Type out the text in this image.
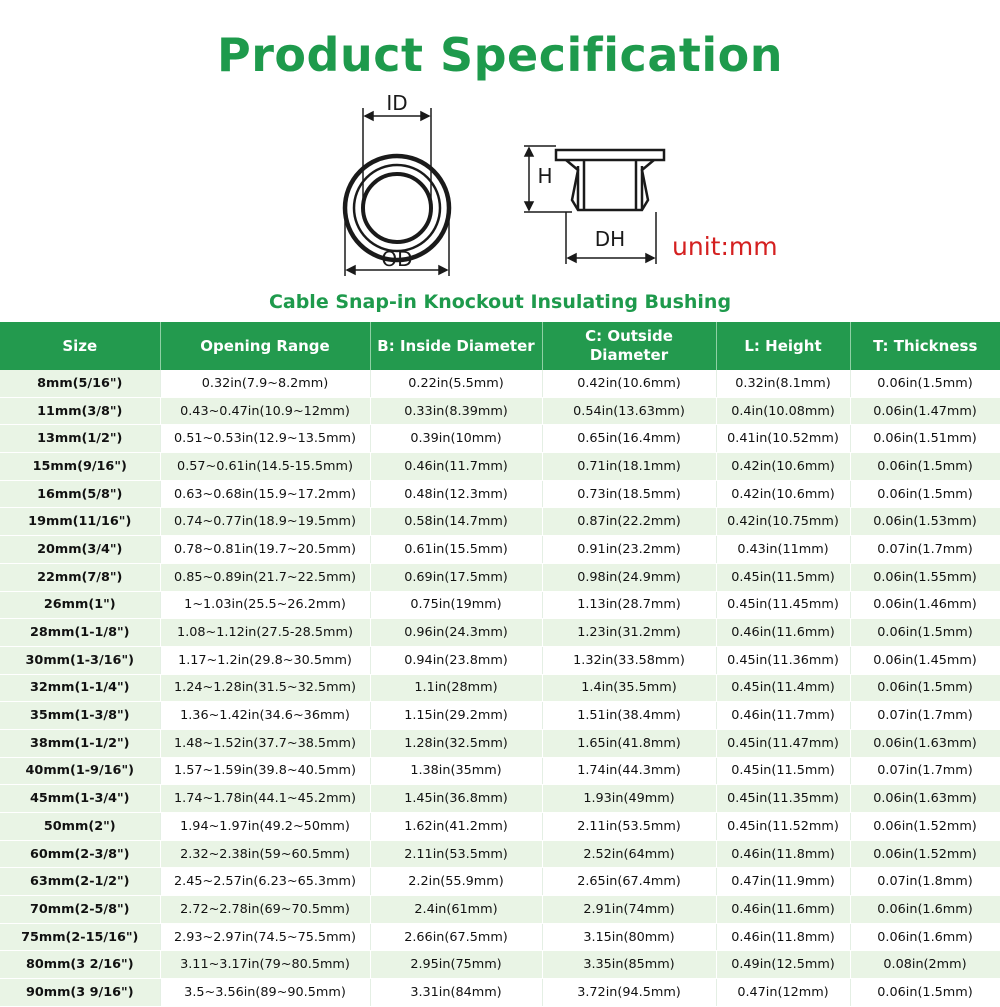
Product Specification
ID
OD
H
DH unit:mm
Cable Snap-in Knockout Insulating Bushing
Size	Opening Range	B: Inside Diameter	C: Outside Diameter	L: Height	T: Thickness
8mm(5/16")	0.32in(7.9~8.2mm)	0.22in(5.5mm)	0.42in(10.6mm)	0.32in(8.1mm)	0.06in(1.5mm)
11mm(3/8")	0.43~0.47in(10.9~12mm)	0.33in(8.39mm)	0.54in(13.63mm)	0.4in(10.08mm)	0.06in(1.47mm)
13mm(1/2")	0.51~0.53in(12.9~13.5mm)	0.39in(10mm)	0.65in(16.4mm)	0.41in(10.52mm)	0.06in(1.51mm)
15mm(9/16")	0.57~0.61in(14.5-15.5mm)	0.46in(11.7mm)	0.71in(18.1mm)	0.42in(10.6mm)	0.06in(1.5mm)
16mm(5/8")	0.63~0.68in(15.9~17.2mm)	0.48in(12.3mm)	0.73in(18.5mm)	0.42in(10.6mm)	0.06in(1.5mm)
19mm(11/16")	0.74~0.77in(18.9~19.5mm)	0.58in(14.7mm)	0.87in(22.2mm)	0.42in(10.75mm)	0.06in(1.53mm)
20mm(3/4")	0.78~0.81in(19.7~20.5mm)	0.61in(15.5mm)	0.91in(23.2mm)	0.43in(11mm)	0.07in(1.7mm)
22mm(7/8")	0.85~0.89in(21.7~22.5mm)	0.69in(17.5mm)	0.98in(24.9mm)	0.45in(11.5mm)	0.06in(1.55mm)
26mm(1")	1~1.03in(25.5~26.2mm)	0.75in(19mm)	1.13in(28.7mm)	0.45in(11.45mm)	0.06in(1.46mm)
28mm(1-1/8")	1.08~1.12in(27.5-28.5mm)	0.96in(24.3mm)	1.23in(31.2mm)	0.46in(11.6mm)	0.06in(1.5mm)
30mm(1-3/16")	1.17~1.2in(29.8~30.5mm)	0.94in(23.8mm)	1.32in(33.58mm)	0.45in(11.36mm)	0.06in(1.45mm)
32mm(1-1/4")	1.24~1.28in(31.5~32.5mm)	1.1in(28mm)	1.4in(35.5mm)	0.45in(11.4mm)	0.06in(1.5mm)
35mm(1-3/8")	1.36~1.42in(34.6~36mm)	1.15in(29.2mm)	1.51in(38.4mm)	0.46in(11.7mm)	0.07in(1.7mm)
38mm(1-1/2")	1.48~1.52in(37.7~38.5mm)	1.28in(32.5mm)	1.65in(41.8mm)	0.45in(11.47mm)	0.06in(1.63mm)
40mm(1-9/16")	1.57~1.59in(39.8~40.5mm)	1.38in(35mm)	1.74in(44.3mm)	0.45in(11.5mm)	0.07in(1.7mm)
45mm(1-3/4")	1.74~1.78in(44.1~45.2mm)	1.45in(36.8mm)	1.93in(49mm)	0.45in(11.35mm)	0.06in(1.63mm)
50mm(2")	1.94~1.97in(49.2~50mm)	1.62in(41.2mm)	2.11in(53.5mm)	0.45in(11.52mm)	0.06in(1.52mm)
60mm(2-3/8")	2.32~2.38in(59~60.5mm)	2.11in(53.5mm)	2.52in(64mm)	0.46in(11.8mm)	0.06in(1.52mm)
63mm(2-1/2")	2.45~2.57in(6.23~65.3mm)	2.2in(55.9mm)	2.65in(67.4mm)	0.47in(11.9mm)	0.07in(1.8mm)
70mm(2-5/8")	2.72~2.78in(69~70.5mm)	2.4in(61mm)	2.91in(74mm)	0.46in(11.6mm)	0.06in(1.6mm)
75mm(2-15/16")	2.93~2.97in(74.5~75.5mm)	2.66in(67.5mm)	3.15in(80mm)	0.46in(11.8mm)	0.06in(1.6mm)
80mm(3 2/16")	3.11~3.17in(79~80.5mm)	2.95in(75mm)	3.35in(85mm)	0.49in(12.5mm)	0.08in(2mm)
90mm(3 9/16")	3.5~3.56in(89~90.5mm)	3.31in(84mm)	3.72in(94.5mm)	0.47in(12mm)	0.06in(1.5mm)
